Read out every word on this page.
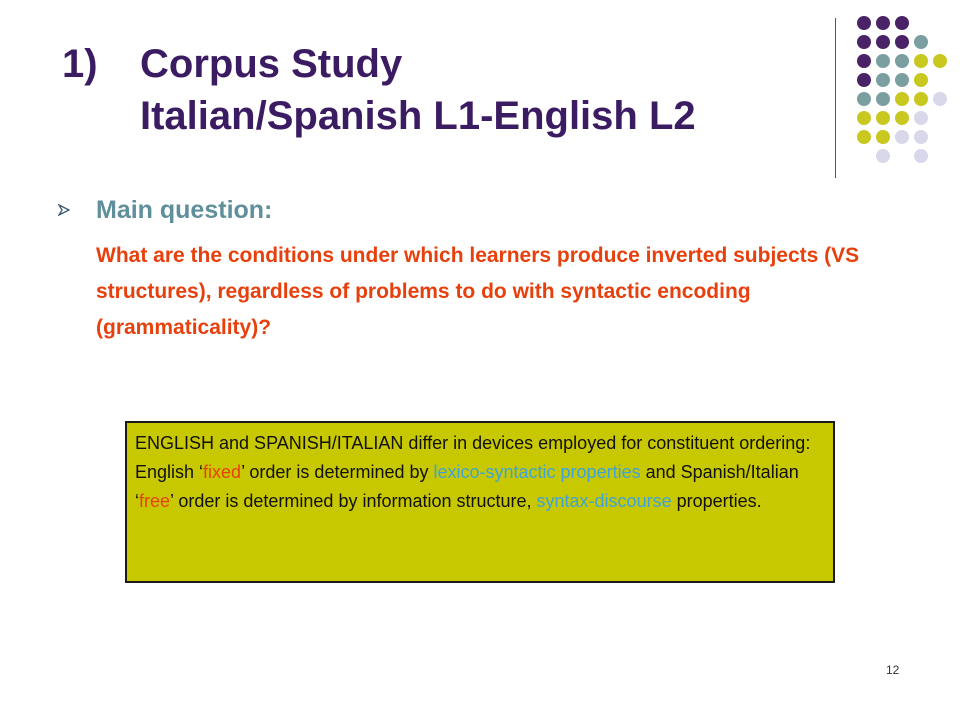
1) Corpus Study
Italian/Spanish L1-English L2
Main question:
What are the conditions under which learners produce inverted subjects (VS structures), regardless of problems to do with syntactic encoding (grammaticality)?
ENGLISH and SPANISH/ITALIAN differ in devices employed for constituent ordering: English ‘fixed’ order is determined by lexico-syntactic properties and Spanish/Italian ‘free’ order is determined by information structure, syntax-discourse properties.
12
